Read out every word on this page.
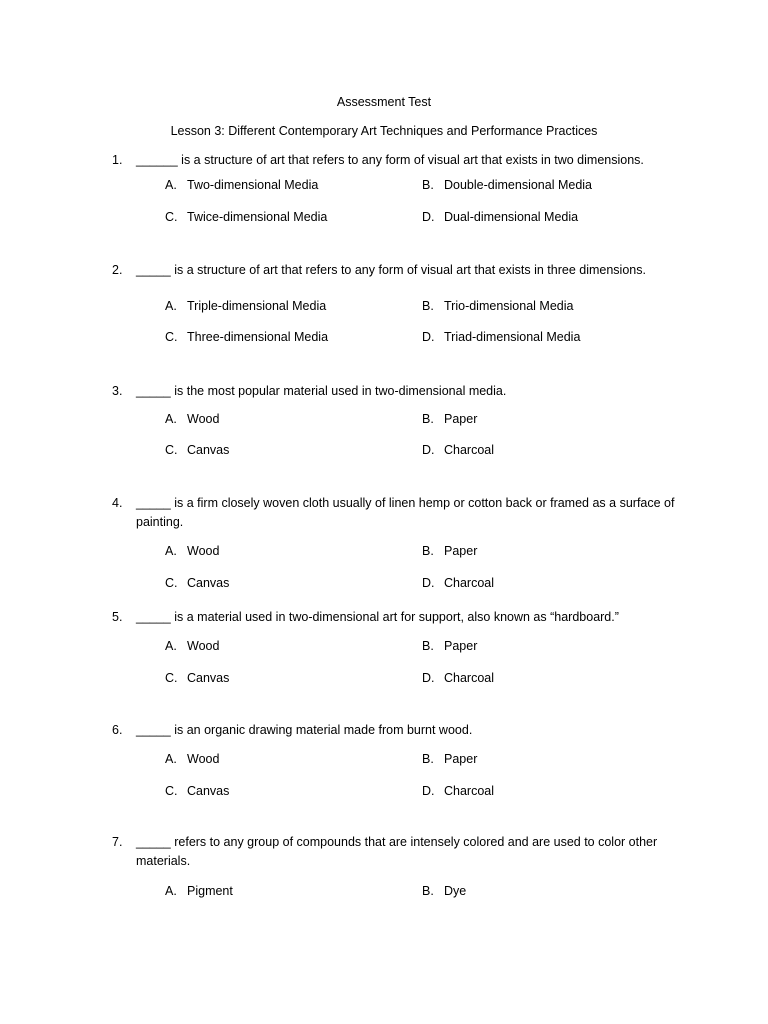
Assessment Test
Lesson 3: Different Contemporary Art Techniques and Performance Practices
1.	______ is a structure of art that refers to any form of visual art that exists in two dimensions.
A. Two-dimensional Media	B. Double-dimensional Media
C. Twice-dimensional Media	D. Dual-dimensional Media
2.	_____ is a structure of art that refers to any form of visual art that exists in three dimensions.
A. Triple-dimensional Media	B. Trio-dimensional Media
C. Three-dimensional Media	D. Triad-dimensional Media
3.	_____ is the most popular material used in two-dimensional media.
A. Wood	B. Paper
C. Canvas	D. Charcoal
4.	_____ is a firm closely woven cloth usually of linen hemp or cotton back or framed as a surface of painting.
A. Wood	B. Paper
C. Canvas	D. Charcoal
5.	_____ is a material used in two-dimensional art for support, also known as “hardboard.”
A. Wood	B. Paper
C. Canvas	D. Charcoal
6.	_____ is an organic drawing material made from burnt wood.
A. Wood	B. Paper
C. Canvas	D. Charcoal
7.	_____ refers to any group of compounds that are intensely colored and are used to color other materials.
A. Pigment	B. Dye
